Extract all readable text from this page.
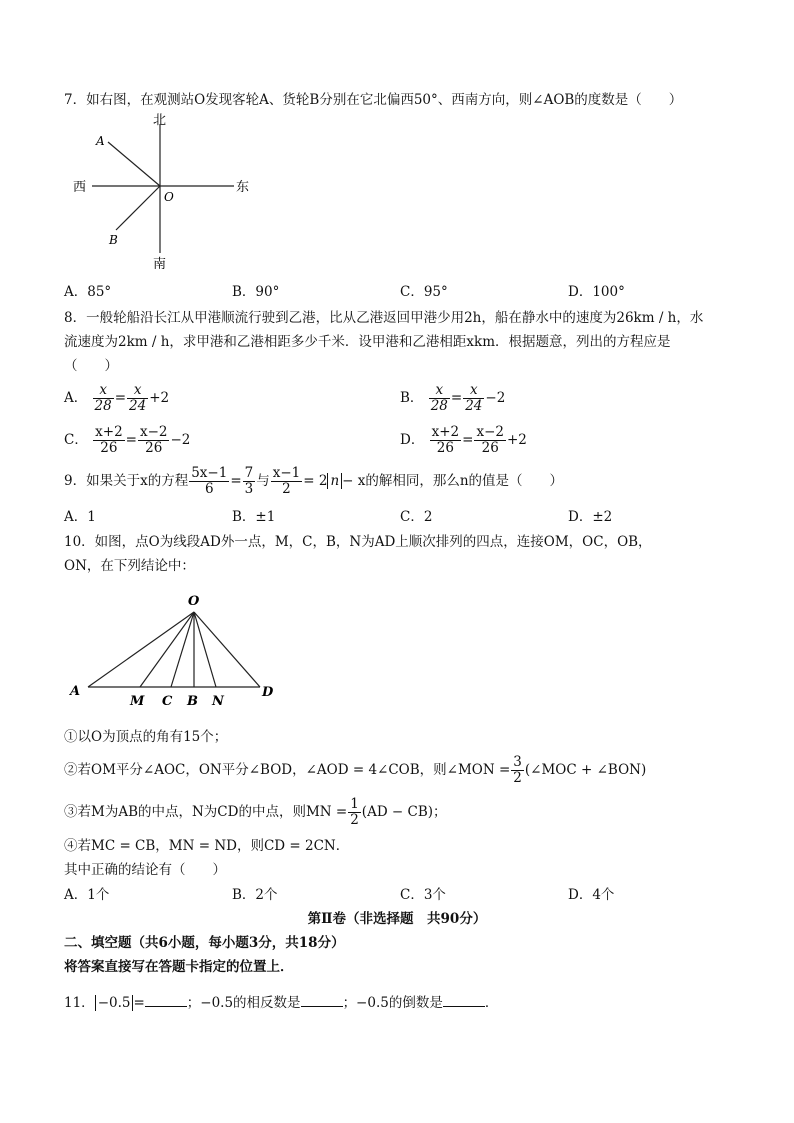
7．如右图，在观测站O发现客轮A、货轮B分别在它北偏西50°、西南方向，则∠AOB的度数是（　　）
北
南
西	东
O
A
B
A．85°	B．90°	C．95°	D．100°
8．一般轮船沿长江从甲港顺流行驶到乙港，比从乙港返回甲港少用2h，船在静水中的速度为26km / h，水
流速度为2km / h，求甲港和乙港相距多少千米．设甲港和乙港相距xkm．根据题意，列出的方程应是
（　　）
A． $\frac{x}{28} = \frac{x}{24} +2$	B． $\frac{x}{28} = \frac{x}{24} -2$
C． $\frac{x+2}{26} = \frac{x-2}{26} -2$	D． $\frac{x+2}{26} = \frac{x-2}{26} +2$
9．如果关于x的方程 $\frac{5x-1}{6} = \frac{7}{3}$ 与 $\frac{x-1}{2} = 2$ n − x的解相同，那么n的值是（　　）
A．1	B．±1	C．2	D．±2
10．如图，点O为线段AD外一点，M，C，B，N为AD上顺次排列的四点，连接OM，OC，OB，
ON，在下列结论中：
O
A
M C B N
D
①以O为顶点的角有15个；
②若OM平分∠AOC，ON平分∠BOD，∠AOD = 4∠COB，则∠MON = $\frac{3}{2}$ (∠MOC + ∠BON)
③若M为AB的中点，N为CD的中点，则MN = $\frac{1}{2} (AD - CB)$；
④若MC = CB，MN = ND，则CD = 2CN．
其中正确的结论有（　　）
A．1个	B．2个	C．3个	D．4个
第Ⅱ卷（非选择题　共90分）
二、填空题（共6小题，每小题3分，共18分）
将答案直接写在答题卡指定的位置上．
11． −0.5 =	；−0.5的相反数是	；−0.5的倒数是	．
